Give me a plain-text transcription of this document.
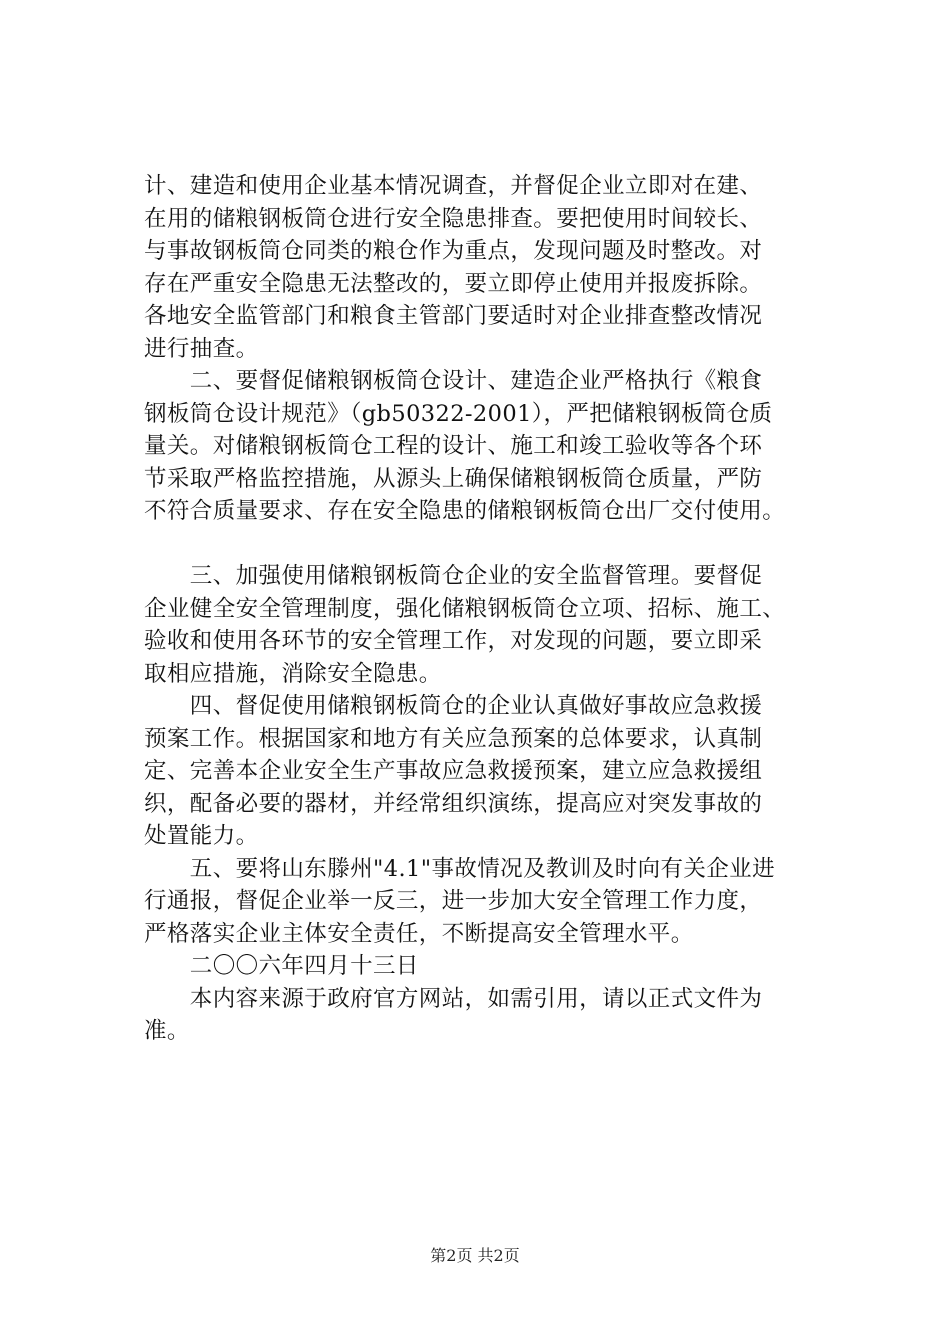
计、建造和使用企业基本情况调查，并督促企业立即对在建、
在用的储粮钢板筒仓进行安全隐患排查。要把使用时间较长、
与事故钢板筒仓同类的粮仓作为重点，发现问题及时整改。对
存在严重安全隐患无法整改的，要立即停止使用并报废拆除。
各地安全监管部门和粮食主管部门要适时对企业排查整改情况
进行抽查。
　　二、要督促储粮钢板筒仓设计、建造企业严格执行《粮食
钢板筒仓设计规范》（gb50322-2001），严把储粮钢板筒仓质
量关。对储粮钢板筒仓工程的设计、施工和竣工验收等各个环
节采取严格监控措施，从源头上确保储粮钢板筒仓质量，严防
不符合质量要求、存在安全隐患的储粮钢板筒仓出厂交付使用。
　　三、加强使用储粮钢板筒仓企业的安全监督管理。要督促
企业健全安全管理制度，强化储粮钢板筒仓立项、招标、施工、
验收和使用各环节的安全管理工作，对发现的问题，要立即采
取相应措施，消除安全隐患。
　　四、督促使用储粮钢板筒仓的企业认真做好事故应急救援
预案工作。根据国家和地方有关应急预案的总体要求，认真制
定、完善本企业安全生产事故应急救援预案，建立应急救援组
织，配备必要的器材，并经常组织演练，提高应对突发事故的
处置能力。
　　五、要将山东滕州"4.1"事故情况及教训及时向有关企业进
行通报，督促企业举一反三，进一步加大安全管理工作力度，
严格落实企业主体安全责任，不断提高安全管理水平。
　　二〇〇六年四月十三日
　　本内容来源于政府官方网站，如需引用，请以正式文件为
准。
第2页 共2页
